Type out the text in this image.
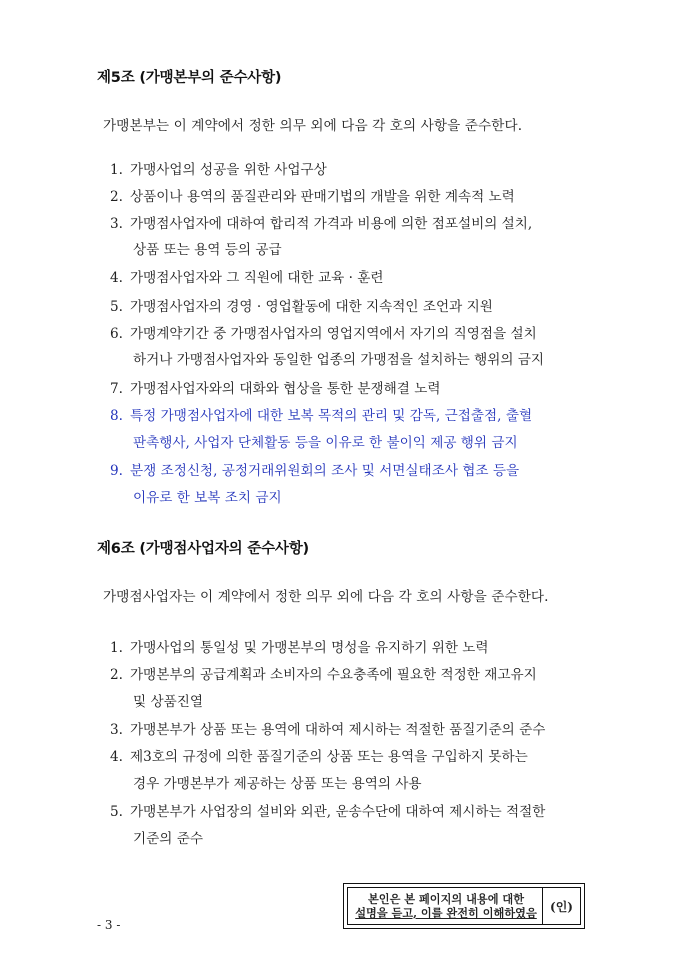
제5조 (가맹본부의 준수사항)
가맹본부는 이 계약에서 정한 의무 외에 다음 각 호의 사항을 준수한다.
1. 가맹사업의 성공을 위한 사업구상
2. 상품이나 용역의 품질관리와 판매기법의 개발을 위한 계속적 노력
3. 가맹점사업자에 대하여 합리적 가격과 비용에 의한 점포설비의 설치,
상품 또는 용역 등의 공급
4. 가맹점사업자와 그 직원에 대한 교육 · 훈련
5. 가맹점사업자의 경영 · 영업활동에 대한 지속적인 조언과 지원
6. 가맹계약기간 중 가맹점사업자의 영업지역에서 자기의 직영점을 설치
하거나 가맹점사업자와 동일한 업종의 가맹점을 설치하는 행위의 금지
7. 가맹점사업자와의 대화와 협상을 통한 분쟁해결 노력
8. 특정 가맹점사업자에 대한 보복 목적의 관리 및 감독, 근접출점, 출혈
판촉행사, 사업자 단체활동 등을 이유로 한 불이익 제공 행위 금지
9. 분쟁 조정신청, 공정거래위원회의 조사 및 서면실태조사 협조 등을
이유로 한 보복 조치 금지
제6조 (가맹점사업자의 준수사항)
가맹점사업자는 이 계약에서 정한 의무 외에 다음 각 호의 사항을 준수한다.
1. 가맹사업의 통일성 및 가맹본부의 명성을 유지하기 위한 노력
2. 가맹본부의 공급계획과 소비자의 수요충족에 필요한 적정한 재고유지
및 상품진열
3. 가맹본부가 상품 또는 용역에 대하여 제시하는 적절한 품질기준의 준수
4. 제3호의 규정에 의한 품질기준의 상품 또는 용역을 구입하지 못하는
경우 가맹본부가 제공하는 상품 또는 용역의 사용
5. 가맹본부가 사업장의 설비와 외관, 운송수단에 대하여 제시하는 적절한
기준의 준수
- 3 -
본인은 본 페이지의 내용에 대한
설명을 듣고, 이를 완전히 이해하였음	(인)
